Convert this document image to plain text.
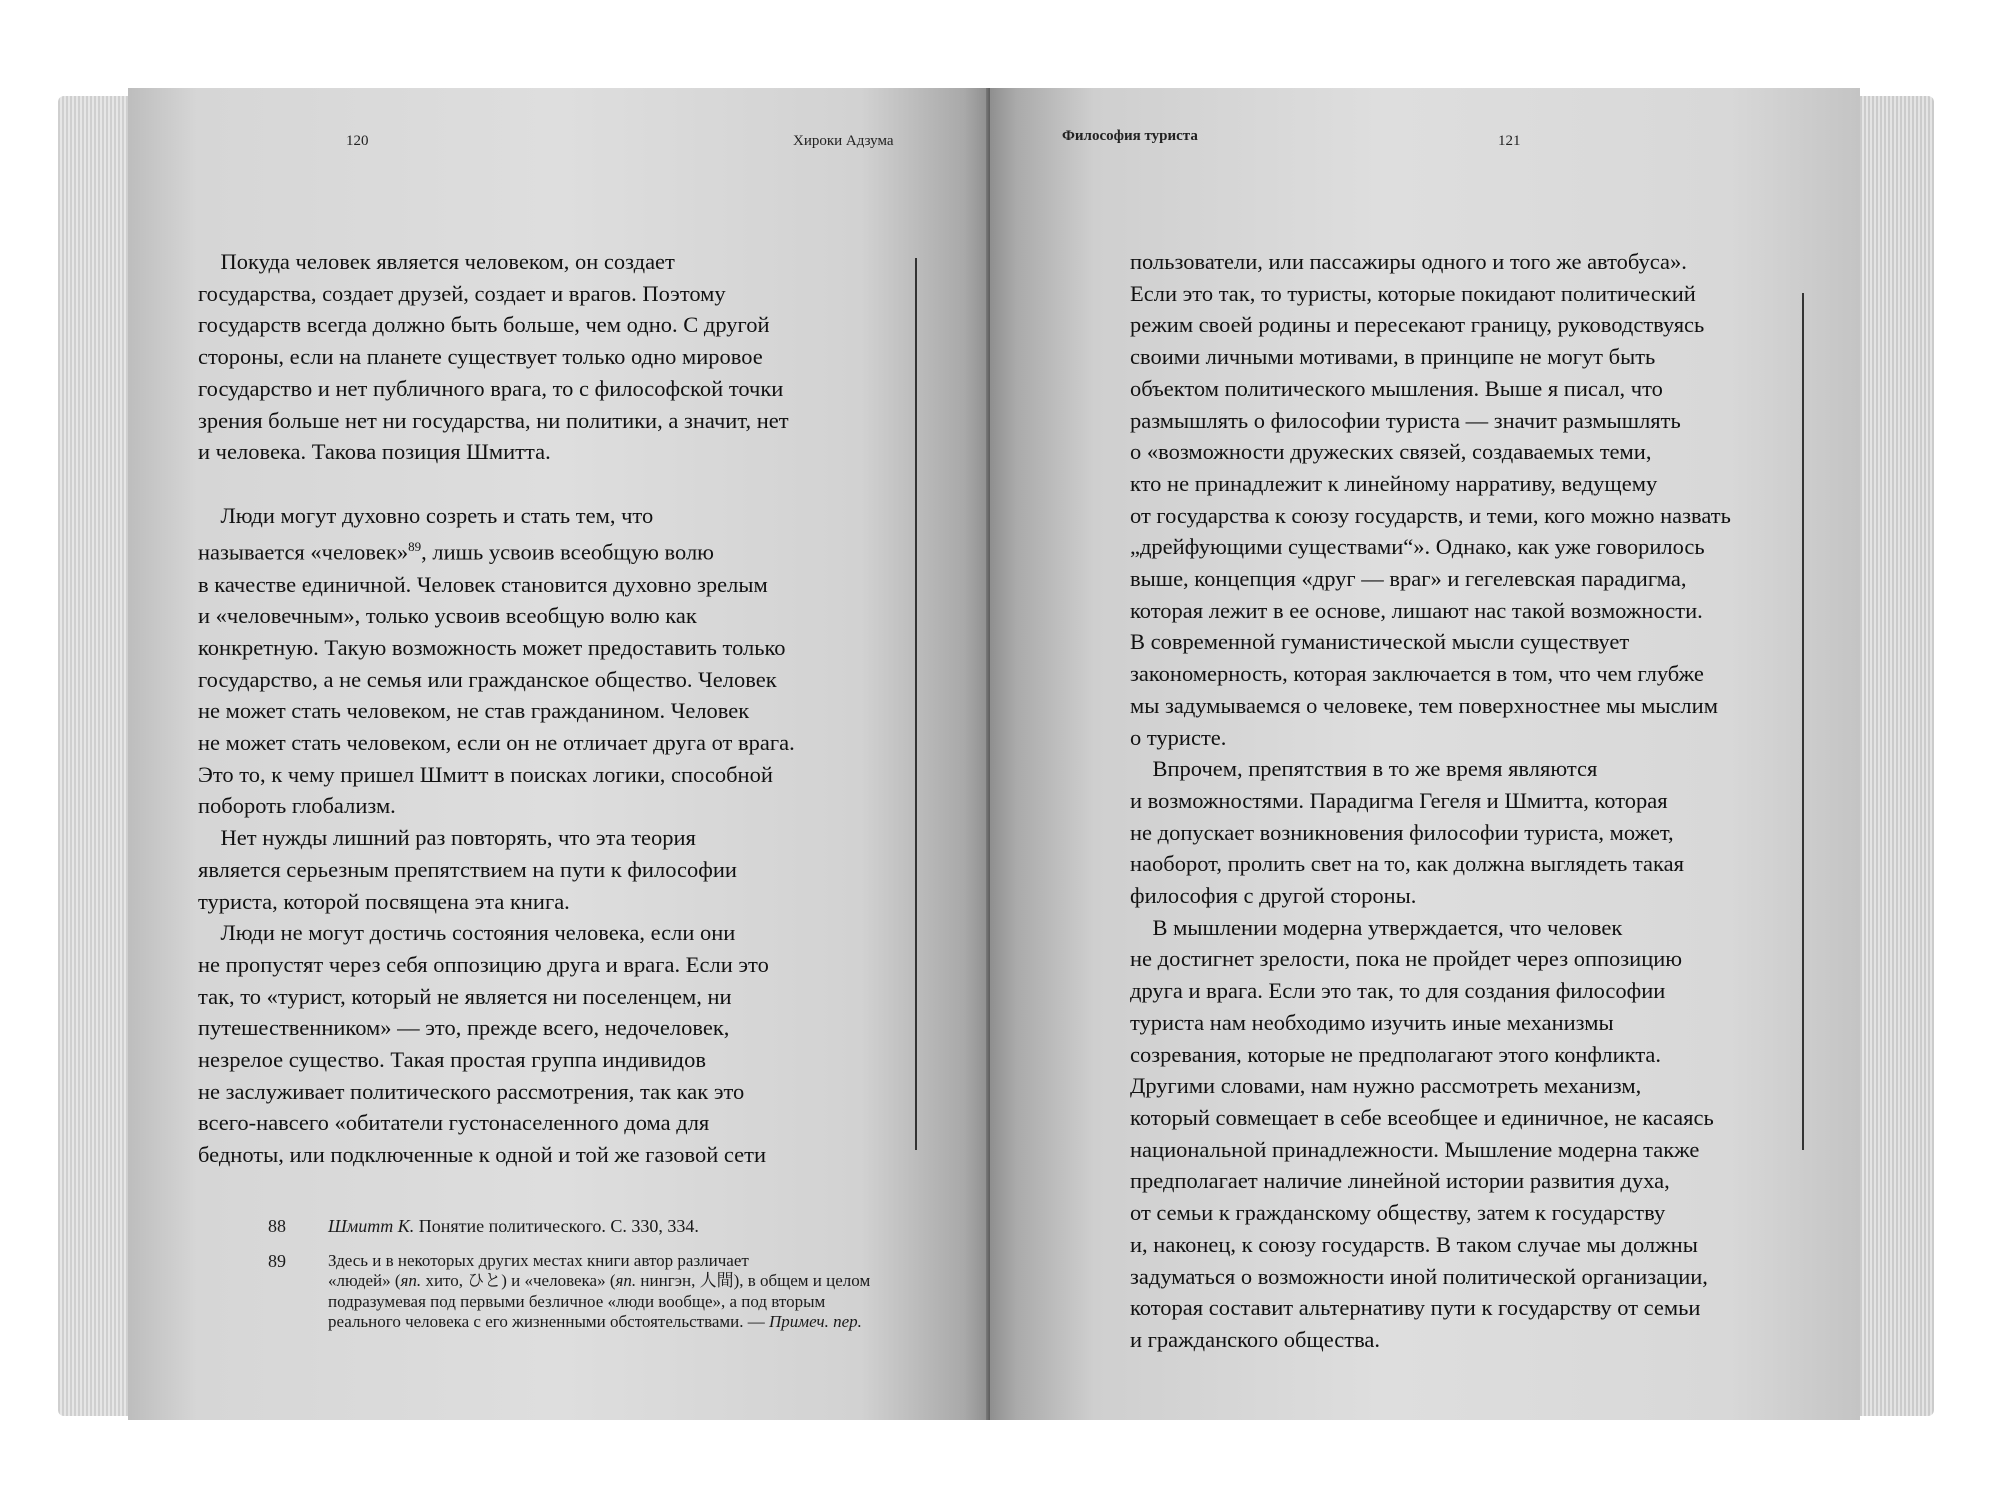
120	Хироки Адзума

Покуда человек является человеком, он создает

государства, создает друзей, создает и врагов. Поэтому

государств всегда должно быть больше, чем одно. С другой

стороны, если на планете существует только одно мировое

государство и нет публичного врага, то с философской точки

зрения больше нет ни государства, ни политики, а значит, нет

и человека. Такова позиция Шмитта.

Люди могут духовно созреть и стать тем, что

называется «человек»$^{89}$, лишь усвоив всеобщую волю

в качестве единичной. Человек становится духовно зрелым

и «человечным», только усвоив всеобщую волю как

конкретную. Такую возможность может предоставить только

государство, а не семья или гражданское общество. Человек

не может стать человеком, не став гражданином. Человек

не может стать человеком, если он не отличает друга от врага.

Это то, к чему пришел Шмитт в поисках логики, способной

побороть глобализм.

Нет нужды лишний раз повторять, что эта теория

является серьезным препятствием на пути к философии

туриста, которой посвящена эта книга.

Люди не могут достичь состояния человека, если они

не пропустят через себя оппозицию друга и врага. Если это

так, то «турист, который не является ни поселенцем, ни

путешественником» — это, прежде всего, недочеловек,

незрелое существо. Такая простая группа индивидов

не заслуживает политического рассмотрения, так как это

всего-навсего «обитатели густонаселенного дома для

бедноты, или подключенные к одной и той же газовой сети

88 Шмитт К. Понятие политического. С. 330, 334.
89 Здесь и в некоторых других местах книги автор различает
«людей» (яп. хито, ひと) и «человека» (яп. нингэн, 人間), в общем и целом
подразумевая под первыми безличное «люди вообще», а под вторым
реального человека с его жизненными обстоятельствами. — Примеч. пер.
Философия туриста	121

пользователи, или пассажиры одного и того же автобуса».

Если это так, то туристы, которые покидают политический

режим своей родины и пересекают границу, руководствуясь

своими личными мотивами, в принципе не могут быть

объектом политического мышления. Выше я писал, что

размышлять о философии туриста — значит размышлять

о «возможности дружеских связей, создаваемых теми,

кто не принадлежит к линейному нарративу, ведущему

от государства к союзу государств, и теми, кого можно назвать

„дрейфующими существами“». Однако, как уже говорилось

выше, концепция «друг — враг» и гегелевская парадигма,

которая лежит в ее основе, лишают нас такой возможности.

В современной гуманистической мысли существует

закономерность, которая заключается в том, что чем глубже

мы задумываемся о человеке, тем поверхностнее мы мыслим

о туристе.

Впрочем, препятствия в то же время являются

и возможностями. Парадигма Гегеля и Шмитта, которая

не допускает возникновения философии туриста, может,

наоборот, пролить свет на то, как должна выглядеть такая

философия с другой стороны.

В мышлении модерна утверждается, что человек

не достигнет зрелости, пока не пройдет через оппозицию

друга и врага. Если это так, то для создания философии

туриста нам необходимо изучить иные механизмы

созревания, которые не предполагают этого конфликта.

Другими словами, нам нужно рассмотреть механизм,

который совмещает в себе всеобщее и единичное, не касаясь

национальной принадлежности. Мышление модерна также

предполагает наличие линейной истории развития духа,

от семьи к гражданскому обществу, затем к государству

и, наконец, к союзу государств. В таком случае мы должны

задуматься о возможности иной политической организации,

которая составит альтернативу пути к государству от семьи

и гражданского общества.
